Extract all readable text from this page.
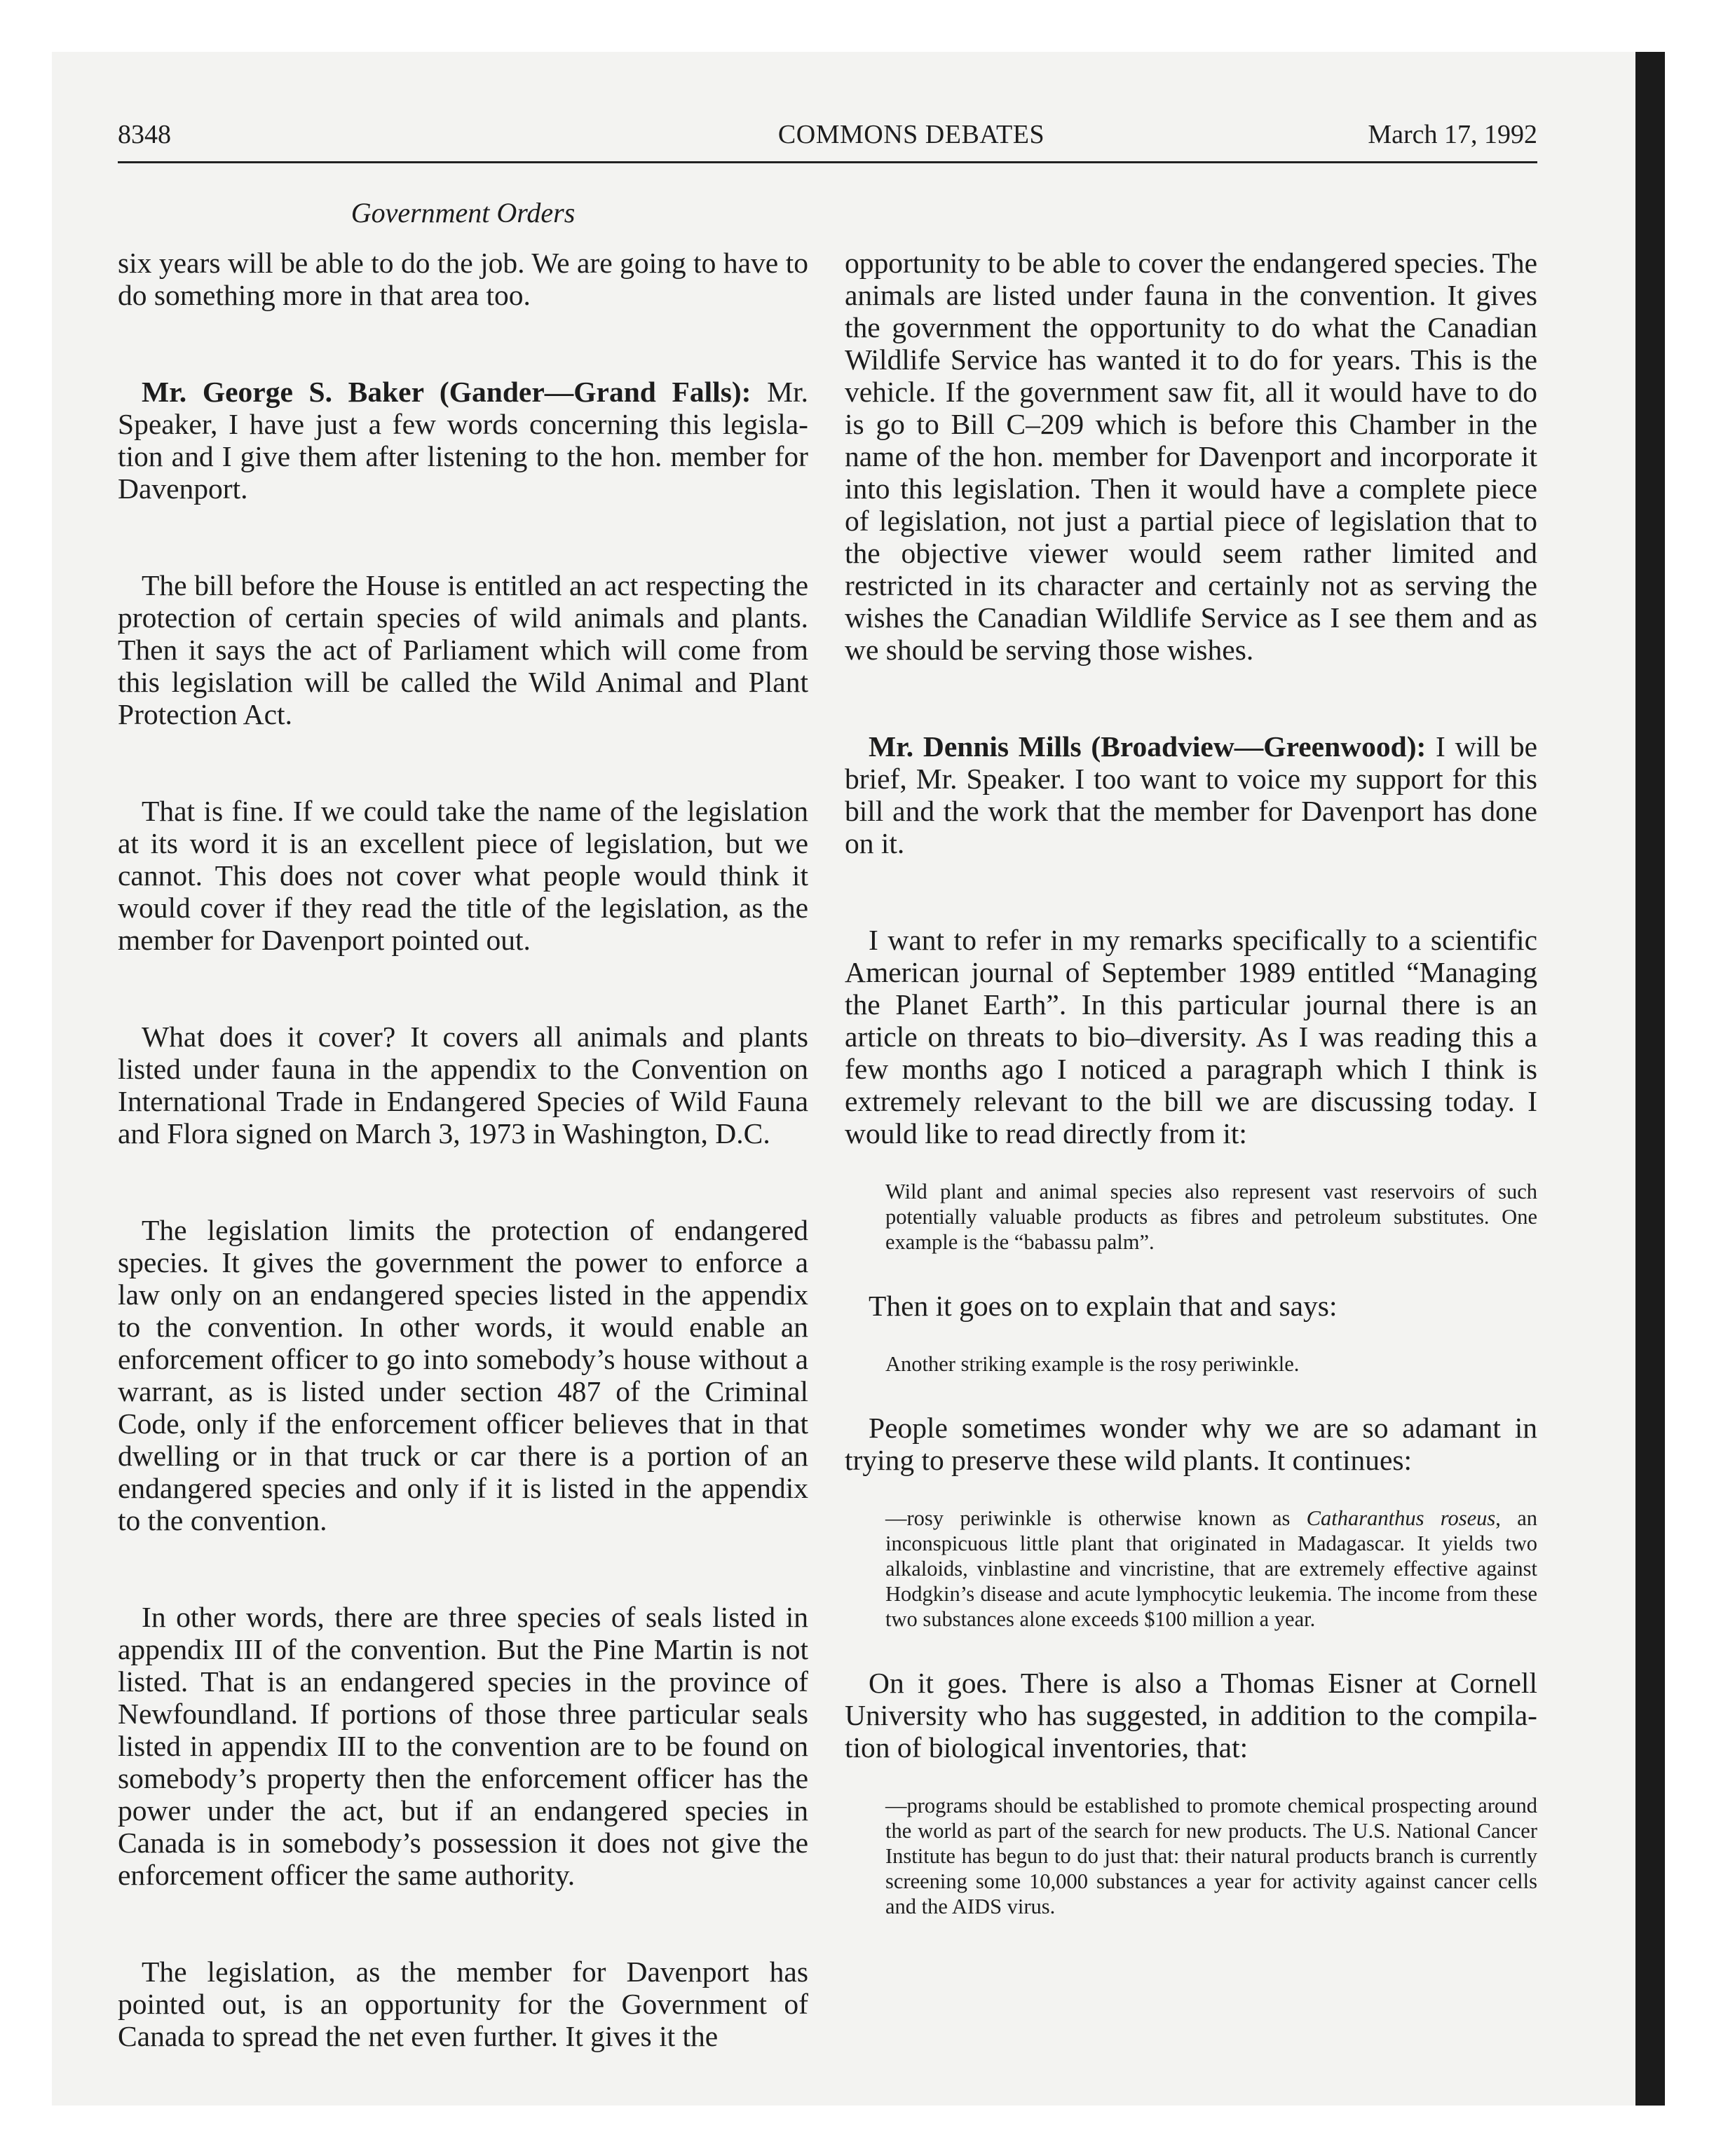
8348	COMMONS DEBATES	March 17, 1992
Government Orders

six years will be able to do the job. We are going to have to do something more in that area too.

Mr. George S. Baker (Gander—Grand Falls): Mr. Speaker, I have just a few words concerning this legislation and I give them after listening to the hon. member for Davenport.

The bill before the House is entitled an act respecting the protection of certain species of wild animals and plants. Then it says the act of Parliament which will come from this legislation will be called the Wild Animal and Plant Protection Act.

That is fine. If we could take the name of the legislation at its word it is an excellent piece of legislation, but we cannot. This does not cover what people would think it would cover if they read the title of the legislation, as the member for Davenport pointed out.

What does it cover? It covers all animals and plants listed under fauna in the appendix to the Convention on International Trade in Endangered Species of Wild Fauna and Flora signed on March 3, 1973 in Washington, D.C.

The legislation limits the protection of endangered species. It gives the government the power to enforce a law only on an endangered species listed in the appendix to the convention. In other words, it would enable an enforcement officer to go into somebody’s house without a warrant, as is listed under section 487 of the Criminal Code, only if the enforcement officer believes that in that dwelling or in that truck or car there is a portion of an endangered species and only if it is listed in the appendix to the convention.

In other words, there are three species of seals listed in appendix III of the convention. But the Pine Martin is not listed. That is an endangered species in the province of Newfoundland. If portions of those three particular seals listed in appendix III to the convention are to be found on somebody’s property then the enforcement officer has the power under the act, but if an endangered species in Canada is in somebody’s possession it does not give the enforcement officer the same authority.

The legislation, as the member for Davenport has pointed out, is an opportunity for the Government of Canada to spread the net even further. It gives it the

opportunity to be able to cover the endangered species. The animals are listed under fauna in the convention. It gives the government the opportunity to do what the Canadian Wildlife Service has wanted it to do for years. This is the vehicle. If the government saw fit, all it would have to do is go to Bill C–209 which is before this Chamber in the name of the hon. member for Davenport and incorporate it into this legislation. Then it would have a complete piece of legislation, not just a partial piece of legislation that to the objective viewer would seem rather limited and restricted in its character and certainly not as serving the wishes the Canadian Wildlife Service as I see them and as we should be serving those wishes.

Mr. Dennis Mills (Broadview—Greenwood): I will be brief, Mr. Speaker. I too want to voice my support for this bill and the work that the member for Davenport has done on it.

I want to refer in my remarks specifically to a scientific American journal of September 1989 entitled “Managing the Planet Earth”. In this particular journal there is an article on threats to bio–diversity. As I was reading this a few months ago I noticed a paragraph which I think is extremely relevant to the bill we are discussing today. I would like to read directly from it:

Wild plant and animal species also represent vast reservoirs of such potentially valuable products as fibres and petroleum substitutes. One example is the “babassu palm”.

Then it goes on to explain that and says:

Another striking example is the rosy periwinkle.

People sometimes wonder why we are so adamant in trying to preserve these wild plants. It continues:

—rosy periwinkle is otherwise known as Catharanthus roseus, an inconspicuous little plant that originated in Madagascar. It yields two alkaloids, vinblastine and vincristine, that are extremely effective against Hodgkin’s disease and acute lymphocytic leukemia. The income from these two substances alone exceeds $100 million a year.

On it goes. There is also a Thomas Eisner at Cornell University who has suggested, in addition to the compilation of biological inventories, that:

—programs should be established to promote chemical prospecting around the world as part of the search for new products. The U.S. National Cancer Institute has begun to do just that: their natural products branch is currently screening some 10,000 substances a year for activity against cancer cells and the AIDS virus.
